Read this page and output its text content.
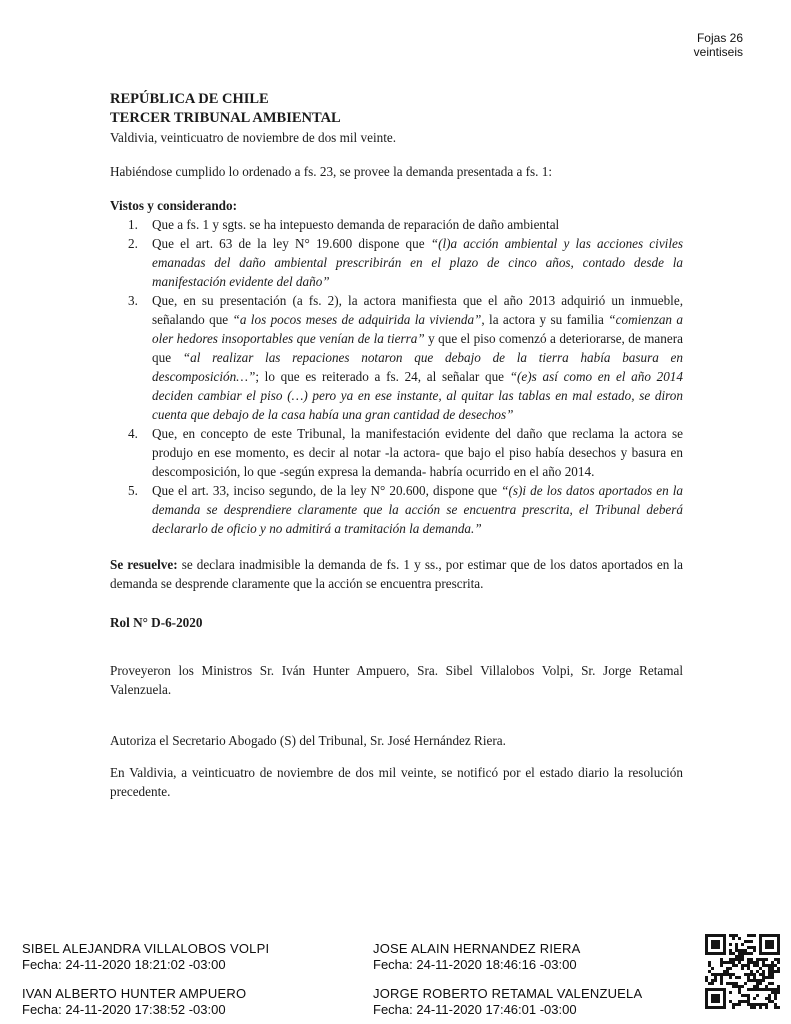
Fojas 26
veintiseis
REPÚBLICA DE CHILE
TERCER TRIBUNAL AMBIENTAL

Valdivia, veinticuatro de noviembre de dos mil veinte.

Habiéndose cumplido lo ordenado a fs. 23, se provee la demanda presentada a fs. 1:

Vistos y considerando:

1. Que a fs. 1 y sgts. se ha intepuesto demanda de reparación de daño ambiental
2. Que el art. 63 de la ley N° 19.600 dispone que “(l)a acción ambiental y las acciones civiles emanadas del daño ambiental prescribirán en el plazo de cinco años, contado desde la manifestación evidente del daño”
3. Que, en su presentación (a fs. 2), la actora manifiesta que el año 2013 adquirió un inmueble, señalando que “a los pocos meses de adquirida la vivienda”, la actora y su familia “comienzan a oler hedores insoportables que venían de la tierra” y que el piso comenzó a deteriorarse, de manera que “al realizar las repaciones notaron que debajo de la tierra había basura en descomposición…”; lo que es reiterado a fs. 24, al señalar que “(e)s así como en el año 2014 deciden cambiar el piso (…) pero ya en ese instante, al quitar las tablas en mal estado, se diron cuenta que debajo de la casa había una gran cantidad de desechos”
4. Que, en concepto de este Tribunal, la manifestación evidente del daño que reclama la actora se produjo en ese momento, es decir al notar -la actora- que bajo el piso había desechos y basura en descomposición, lo que -según expresa la demanda- habría ocurrido en el año 2014.
5. Que el art. 33, inciso segundo, de la ley N° 20.600, dispone que “(s)i de los datos aportados en la demanda se desprendiere claramente que la acción se encuentra prescrita, el Tribunal deberá declararlo de oficio y no admitirá a tramitación la demanda.”

Se resuelve: se declara inadmisible la demanda de fs. 1 y ss., por estimar que de los datos aportados en la demanda se desprende claramente que la acción se encuentra prescrita.

Rol N° D-6-2020

Proveyeron los Ministros Sr. Iván Hunter Ampuero, Sra. Sibel Villalobos Volpi, Sr. Jorge Retamal Valenzuela.

Autoriza el Secretario Abogado (S) del Tribunal, Sr. José Hernández Riera.

En Valdivia, a veinticuatro de noviembre de dos mil veinte, se notificó por el estado diario la resolución precedente.

SIBEL ALEJANDRA VILLALOBOS VOLPI
Fecha: 24-11-2020 18:21:02 -03:00
JOSE ALAIN HERNANDEZ RIERA
Fecha: 24-11-2020 18:46:16 -03:00
IVAN ALBERTO HUNTER AMPUERO
Fecha: 24-11-2020 17:38:52 -03:00
JORGE ROBERTO RETAMAL VALENZUELA
Fecha: 24-11-2020 17:46:01 -03:00
